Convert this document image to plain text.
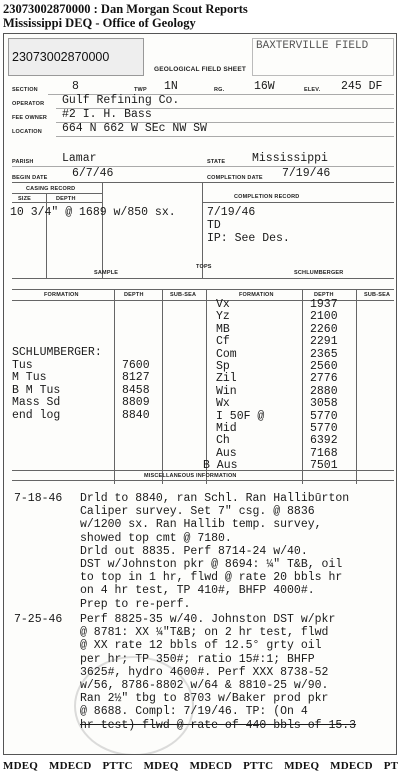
23073002870000 : Dan Morgan Scout Reports
Mississippi DEQ - Office of Geology
23073002870000
BAXTERVILLE FIELD
GEOLOGICAL FIELD SHEET
SECTION	8	TWP 1N	RG.	16W	ELEV. 245 DF
OPERATOR Gulf Refining Co.
FEE OWNER #2 I. H. Bass
LOCATION 664 N 662 W SEc NW SW
PARISH Lamar	STATE Mississippi
BEGIN DATE 6/7/46	COMPLETION DATE 7/19/46
CASING RECORD
COMPLETION RECORD
SIZE	DEPTH
10 3/4" @ 1689 w/850 sx.	7/19/46
TD
IP: See Des.
TOPS
SAMPLE	SCHLUMBERGER
FORMATION	DEPTH	SUB-SEA	FORMATION	DEPTH	SUB-SEA
SCHLUMBERGER:
Tus	7600
M Tus	8127
B M Tus	8458
Mass Sd	8809
end log	8840
Vx	1937
Yz	2100
MB	2260
Cf	2291
Com	2365
Sp	2560
Zil	2776
Win	2880
Wx	3058
I 50F @	5770
Mid	5770
Ch	6392
Aus	7168
B Aus	7501
MISCELLANEOUS INFORMATION
7-18-46 Drld to 8840, ran Schl. Ran Hallibūrton
Caliper survey. Set 7" csg. @ 8836
w/1200 sx. Ran Hallib temp. survey,
showed top cmt @ 7180.
Drld out 8835. Perf 8714-24 w/40.
DST w/Johnston pkr @ 8694: ¼" T&B, oil
to top in 1 hr, flwd @ rate 20 bbls hr
on 4 hr test, TP 410#, BHFP 4000#.
Prep to re-perf.
7-25-46 Perf 8825-35 w/40. Johnston DST w/pkr
@ 8781: XX ¼"T&B; on 2 hr test, flwd
@ XX rate 12 bbls of 12.5° grty oil
per hr; TP 350#; ratio 15#:1; BHFP
3625#, hydro 4600#. Perf XXX 8738-52
w/56, 8786-8802 w/64 & 8810-25 w/90.
Ran 2½" tbg to 8703 w/Baker prod pkr
@ 8688. Compl: 7/19/46. TP: (On 4
hr test) flwd @ rate of 440 bbls of 15.3
MDEQ MDECD PTTC MDEQ MDECD PTTC MDEQ MDECD PT
